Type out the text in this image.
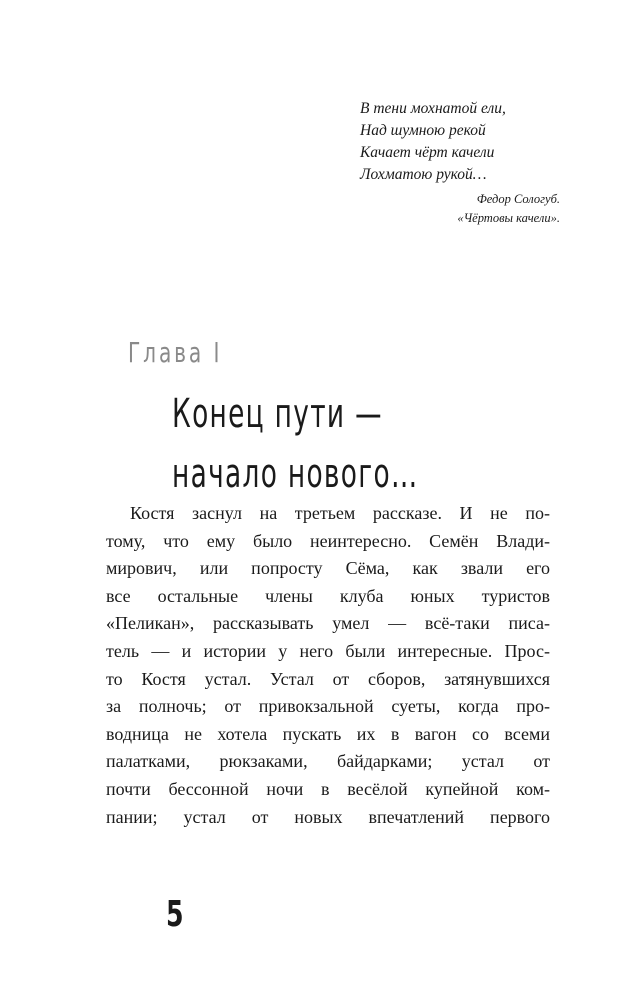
В тени мохнатой ели,
Над шумною рекой
Качает чёрт качели
Лохматою рукой…
Федор Сологуб.
«Чёртовы качели».
Глава I
Конец пути —
начало нового…
Костя заснул на третьем рассказе. И не по-
тому, что ему было неинтересно. Семён Влади-
мирович, или попросту Сёма, как звали его
все остальные члены клуба юных туристов
«Пеликан», рассказывать умел — всё-таки писа-
тель — и истории у него были интересные. Прос-
то Костя устал. Устал от сборов, затянувшихся
за полночь; от привокзальной суеты, когда про-
водница не хотела пускать их в вагон со всеми
палатками, рюкзаками, байдарками; устал от
почти бессонной ночи в весёлой купейной ком-
пании; устал от новых впечатлений первого
5
